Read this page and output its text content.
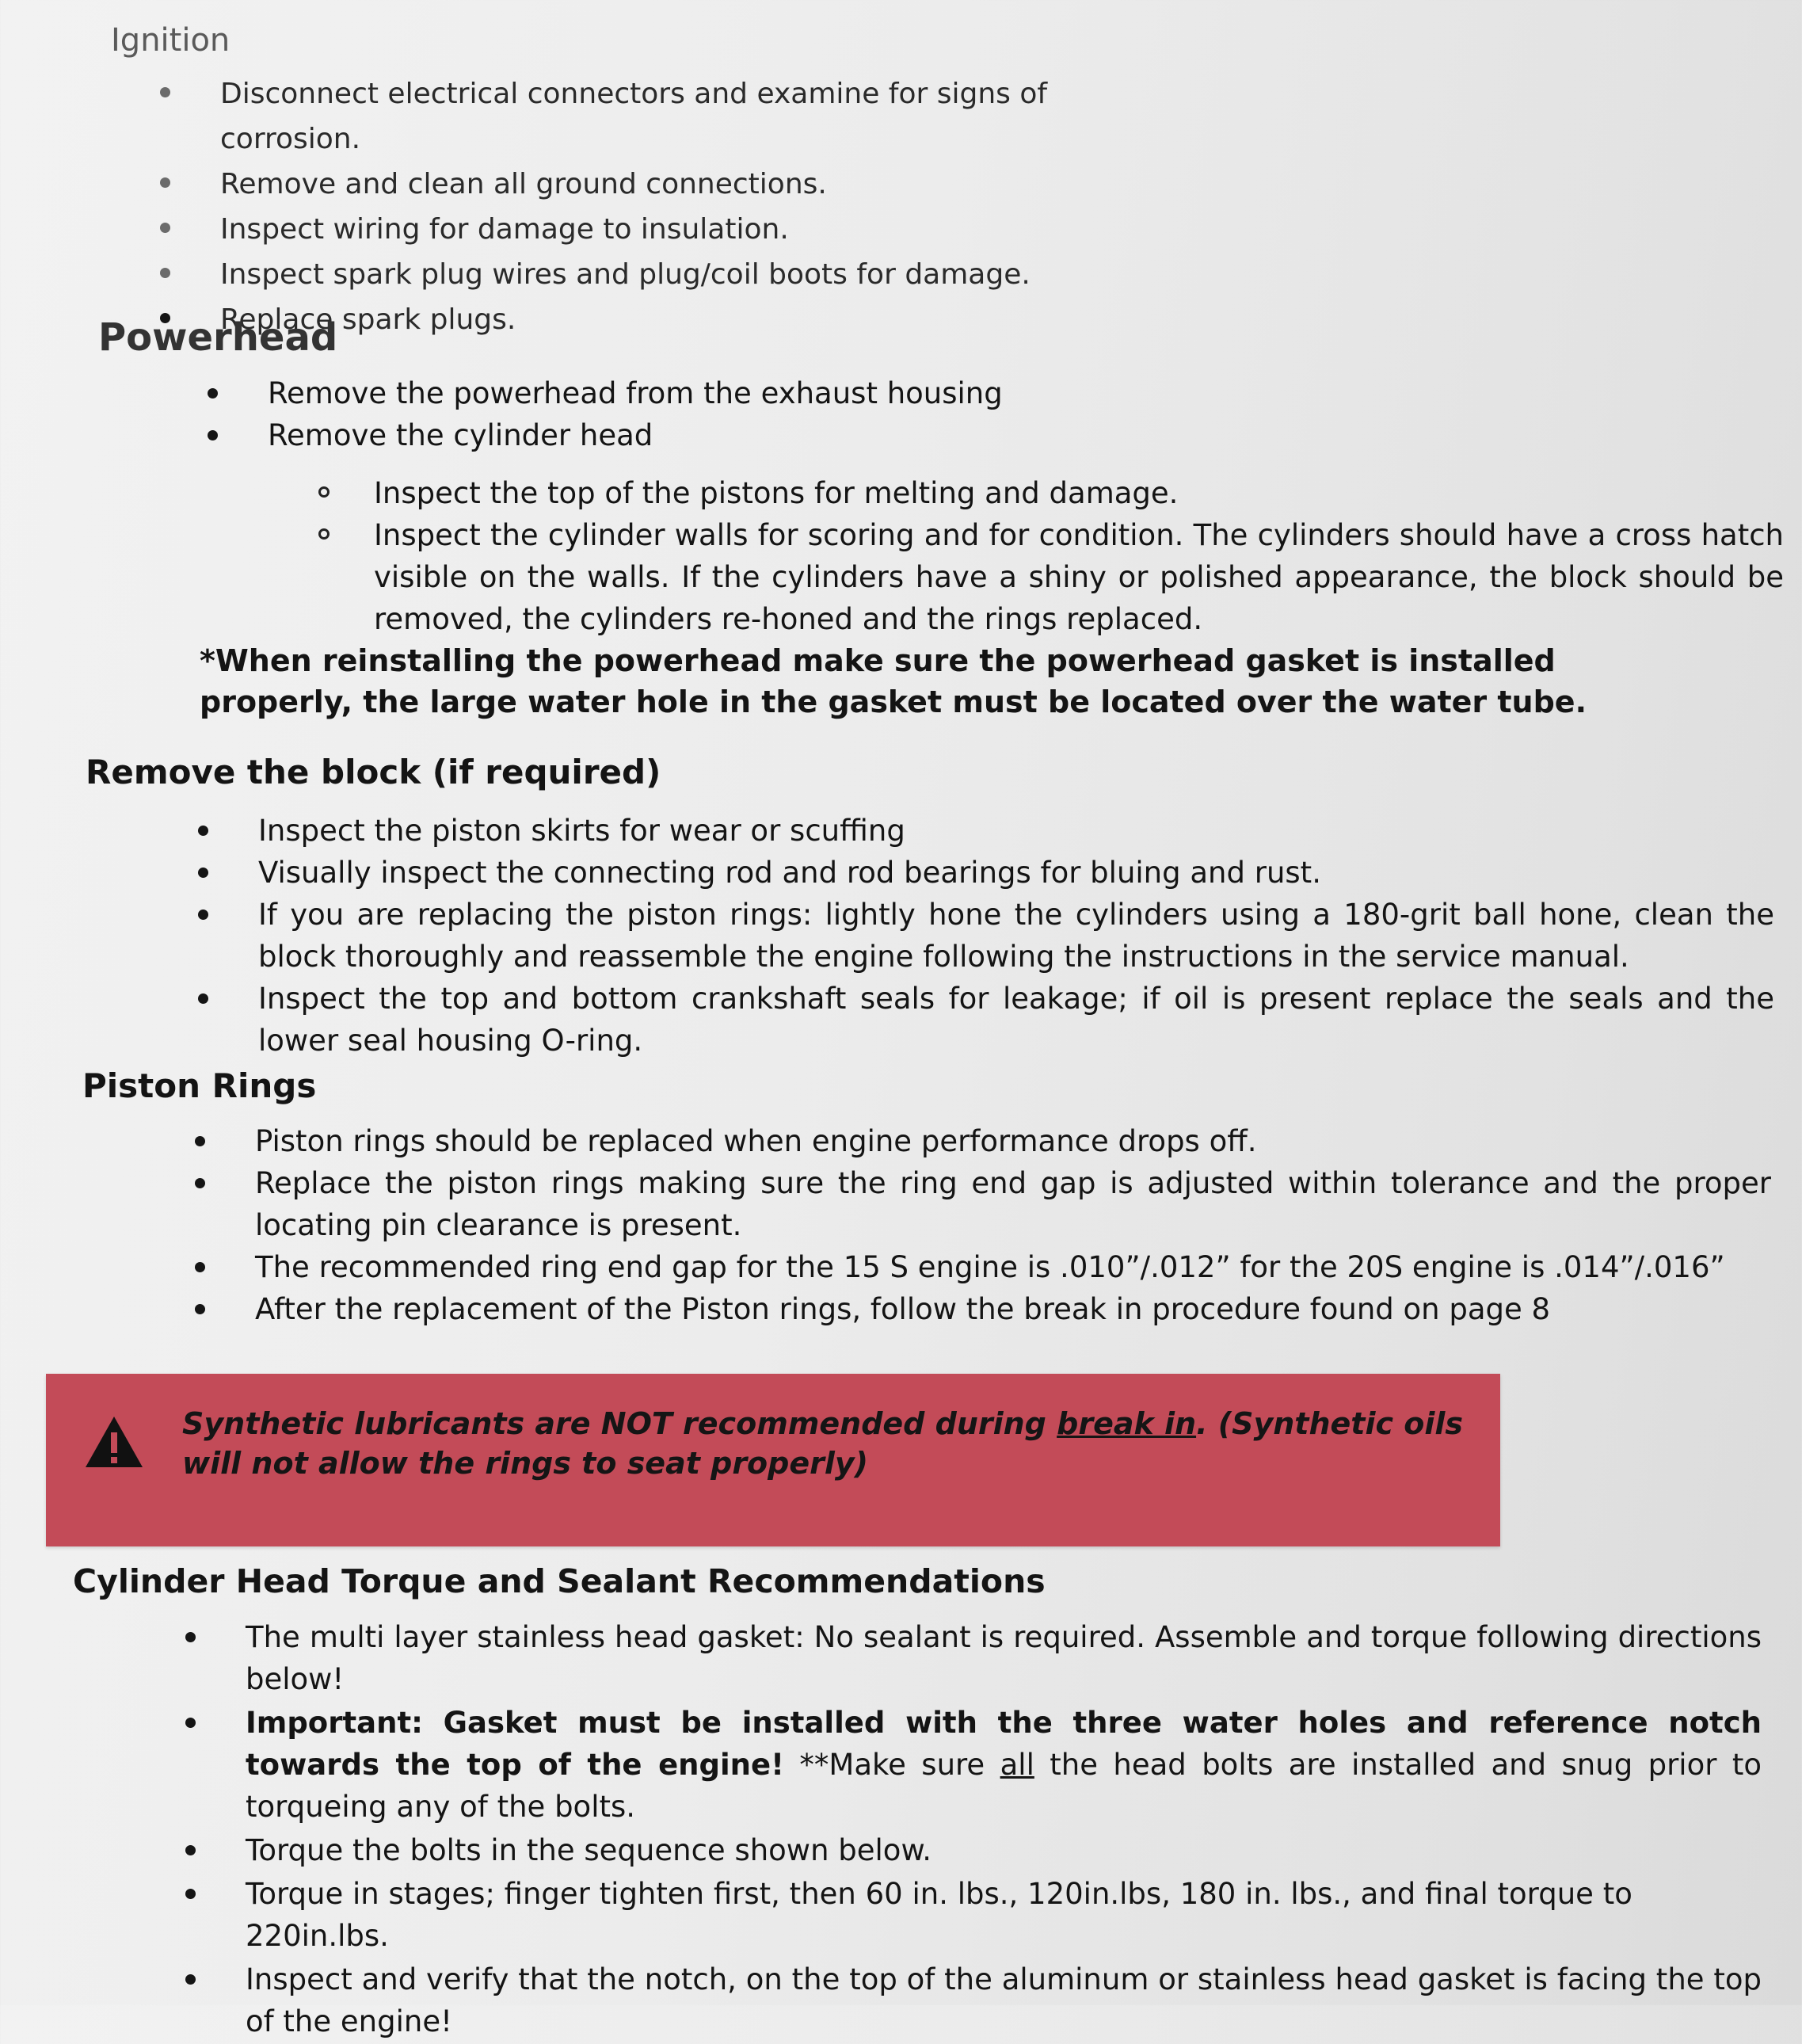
Ignition
Disconnect electrical connectors and examine for signs of corrosion.
Remove and clean all ground connections.
Inspect wiring for damage to insulation.
Inspect spark plug wires and plug/coil boots for damage.
Replace spark plugs.
Powerhead
Remove the powerhead from the exhaust housing
Remove the cylinder head
Inspect the top of the pistons for melting and damage.
Inspect the cylinder walls for scoring and for condition. The cylinders should have a cross hatch visible on the walls. If the cylinders have a shiny or polished appearance, the block should be removed, the cylinders re-honed and the rings replaced.

*When reinstalling the powerhead make sure the powerhead gasket is installed properly, the large water hole in the gasket must be located over the water tube.

Remove the block (if required)
Inspect the piston skirts for wear or scuffing
Visually inspect the connecting rod and rod bearings for bluing and rust.
If you are replacing the piston rings: lightly hone the cylinders using a 180-grit ball hone, clean the block thoroughly and reassemble the engine following the instructions in the service manual.
Inspect the top and bottom crankshaft seals for leakage; if oil is present replace the seals and the lower seal housing O-ring.
Piston Rings
Piston rings should be replaced when engine performance drops off.
Replace the piston rings making sure the ring end gap is adjusted within tolerance and the proper locating pin clearance is present.
The recommended ring end gap for the 15 S engine is .010”/.012” for the 20S engine is .014”/.016”
After the replacement of the Piston rings, follow the break in procedure found on page 8

Synthetic lubricants are NOT recommended during break in. (Synthetic oils will not allow the rings to seat properly)

Cylinder Head Torque and Sealant Recommendations
The multi layer stainless head gasket: No sealant is required. Assemble and torque following directions below!
Important: Gasket must be installed with the three water holes and reference notch towards the top of the engine! **Make sure all the head bolts are installed and snug prior to torqueing any of the bolts.
Torque the bolts in the sequence shown below.
Torque in stages; finger tighten first, then 60 in. lbs., 120in.lbs, 180 in. lbs., and final torque to 220in.lbs.
Inspect and verify that the notch, on the top of the aluminum or stainless head gasket is facing the top of the engine!
